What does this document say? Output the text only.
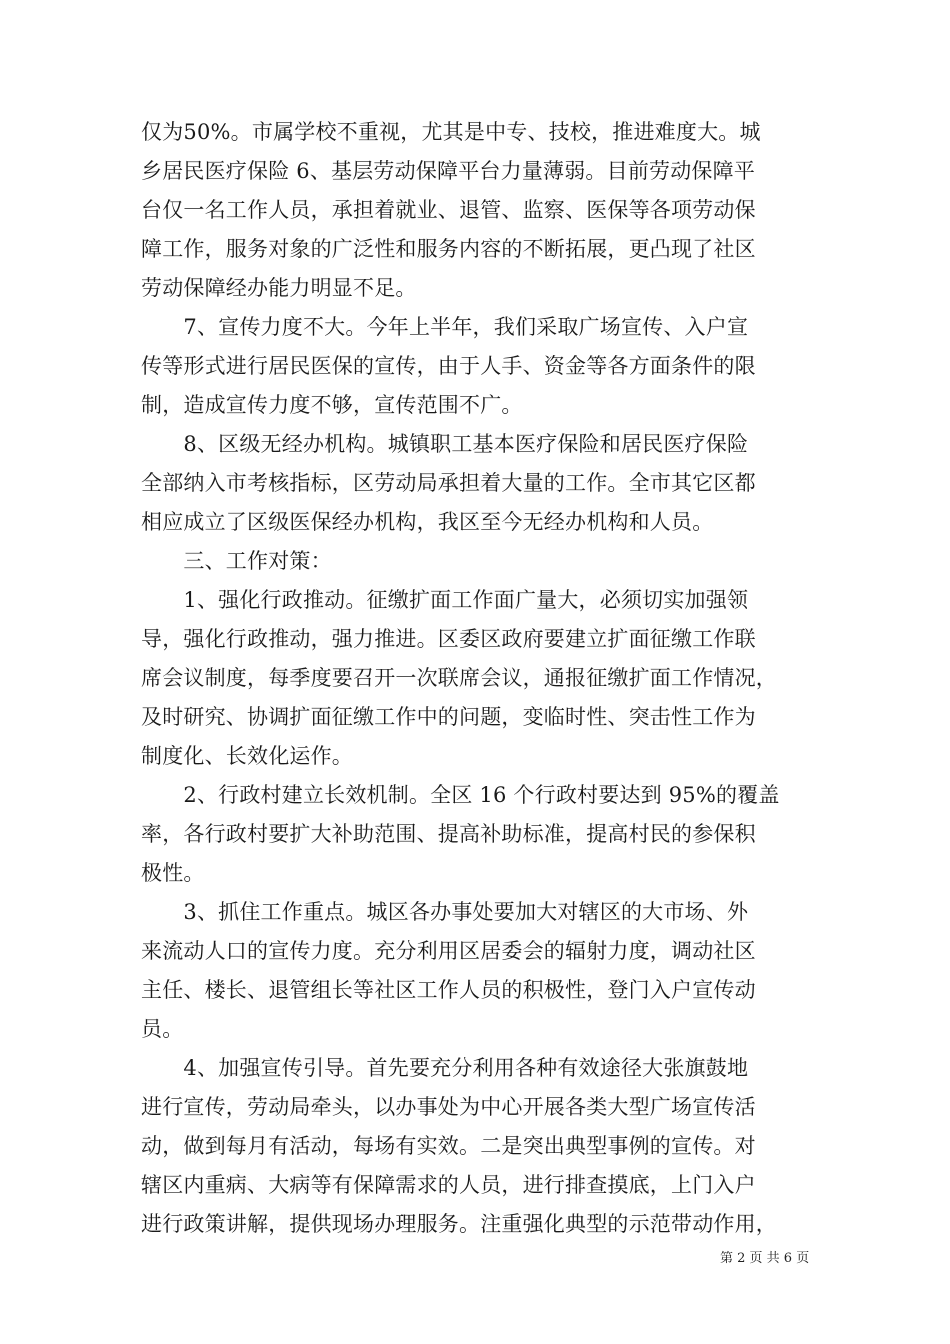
仅为50%。市属学校不重视，尤其是中专、技校，推进难度大。城
乡居民医疗保险 6、基层劳动保障平台力量薄弱。目前劳动保障平
台仅一名工作人员，承担着就业、退管、监察、医保等各项劳动保
障工作，服务对象的广泛性和服务内容的不断拓展，更凸现了社区
劳动保障经办能力明显不足。
　　7、宣传力度不大。今年上半年，我们采取广场宣传、入户宣
传等形式进行居民医保的宣传，由于人手、资金等各方面条件的限
制，造成宣传力度不够，宣传范围不广。
　　8、区级无经办机构。城镇职工基本医疗保险和居民医疗保险
全部纳入市考核指标，区劳动局承担着大量的工作。全市其它区都
相应成立了区级医保经办机构，我区至今无经办机构和人员。
　　三、工作对策：
　　1、强化行政推动。征缴扩面工作面广量大，必须切实加强领
导，强化行政推动，强力推进。区委区政府要建立扩面征缴工作联
席会议制度，每季度要召开一次联席会议，通报征缴扩面工作情况，
及时研究、协调扩面征缴工作中的问题，变临时性、突击性工作为
制度化、长效化运作。
　　2、行政村建立长效机制。全区 16 个行政村要达到 95%的覆盖
率，各行政村要扩大补助范围、提高补助标准，提高村民的参保积
极性。
　　3、抓住工作重点。城区各办事处要加大对辖区的大市场、外
来流动人口的宣传力度。充分利用区居委会的辐射力度，调动社区
主任、楼长、退管组长等社区工作人员的积极性，登门入户宣传动
员。
　　4、加强宣传引导。首先要充分利用各种有效途径大张旗鼓地
进行宣传，劳动局牵头，以办事处为中心开展各类大型广场宣传活
动，做到每月有活动，每场有实效。二是突出典型事例的宣传。对
辖区内重病、大病等有保障需求的人员，进行排查摸底，上门入户
进行政策讲解，提供现场办理服务。注重强化典型的示范带动作用，
第 2 页 共 6 页
